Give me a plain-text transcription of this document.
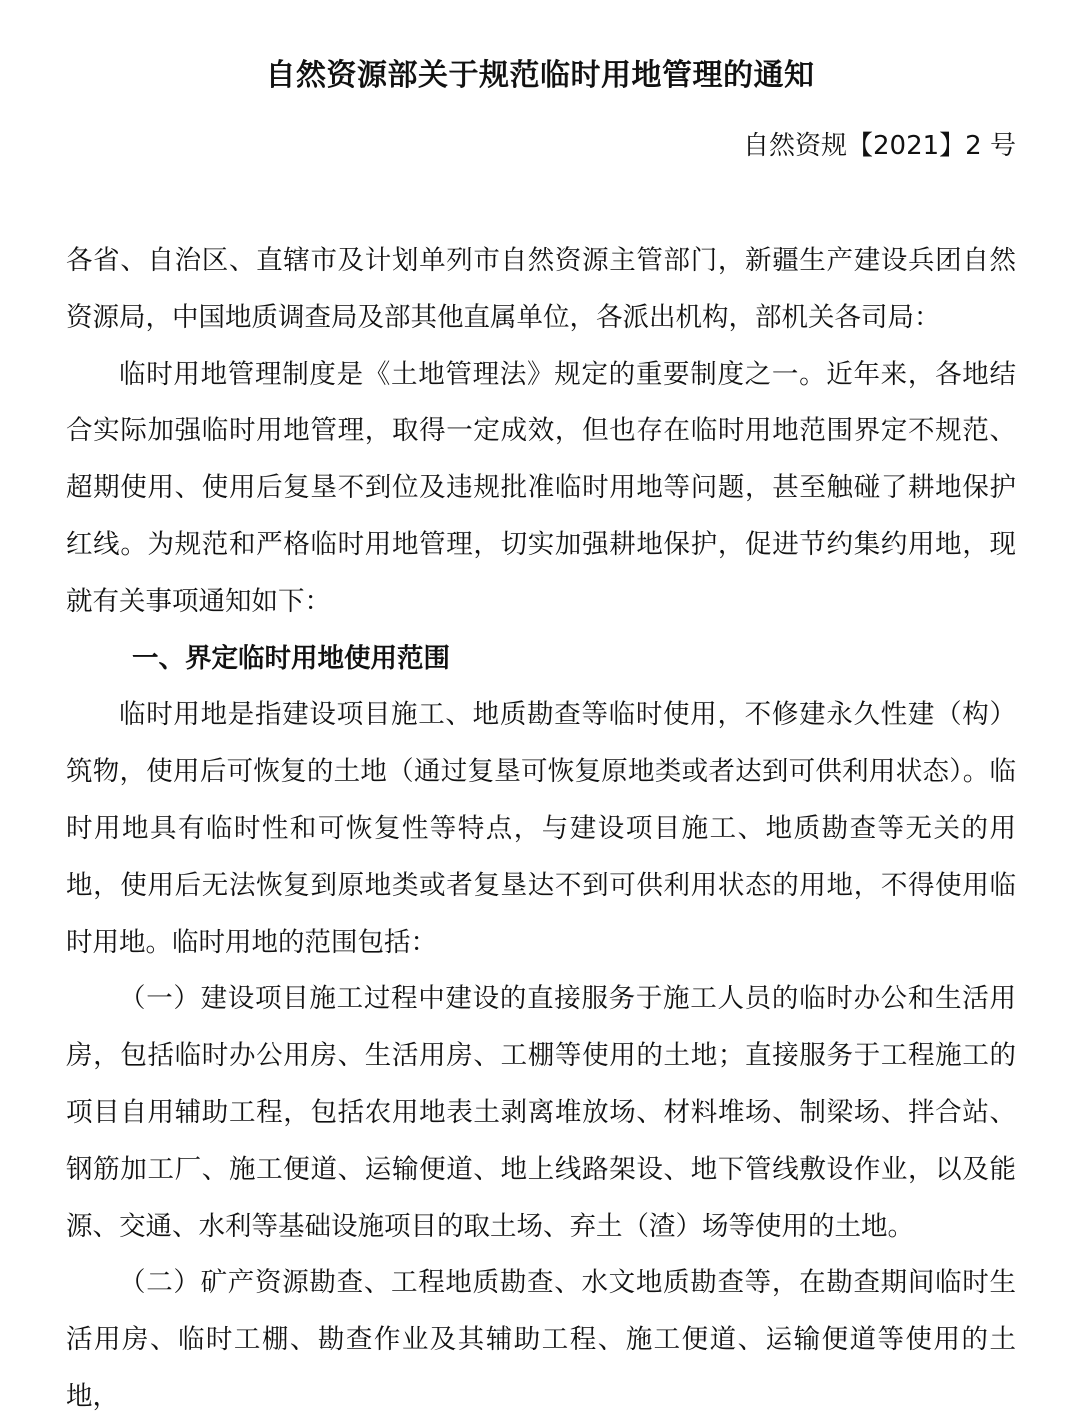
自然资源部关于规范临时用地管理的通知
自然资规【2021】2 号

各省、自治区、直辖市及计划单列市自然资源主管部门，新疆生产建设兵团自然资源局，中国地质调查局及部其他直属单位，各派出机构，部机关各司局：

临时用地管理制度是《土地管理法》规定的重要制度之一。近年来，各地结合实际加强临时用地管理，取得一定成效，但也存在临时用地范围界定不规范、超期使用、使用后复垦不到位及违规批准临时用地等问题，甚至触碰了耕地保护红线。为规范和严格临时用地管理，切实加强耕地保护，促进节约集约用地，现就有关事项通知如下：

一、界定临时用地使用范围

临时用地是指建设项目施工、地质勘查等临时使用，不修建永久性建（构）筑物，使用后可恢复的土地（通过复垦可恢复原地类或者达到可供利用状态）。临时用地具有临时性和可恢复性等特点，与建设项目施工、地质勘查等无关的用地，使用后无法恢复到原地类或者复垦达不到可供利用状态的用地，不得使用临时用地。临时用地的范围包括：

（一）建设项目施工过程中建设的直接服务于施工人员的临时办公和生活用房，包括临时办公用房、生活用房、工棚等使用的土地；直接服务于工程施工的项目自用辅助工程，包括农用地表土剥离堆放场、材料堆场、制梁场、拌合站、钢筋加工厂、施工便道、运输便道、地上线路架设、地下管线敷设作业，以及能源、交通、水利等基础设施项目的取土场、弃土（渣）场等使用的土地。

（二）矿产资源勘查、工程地质勘查、水文地质勘查等，在勘查期间临时生活用房、临时工棚、勘查作业及其辅助工程、施工便道、运输便道等使用的土地，
